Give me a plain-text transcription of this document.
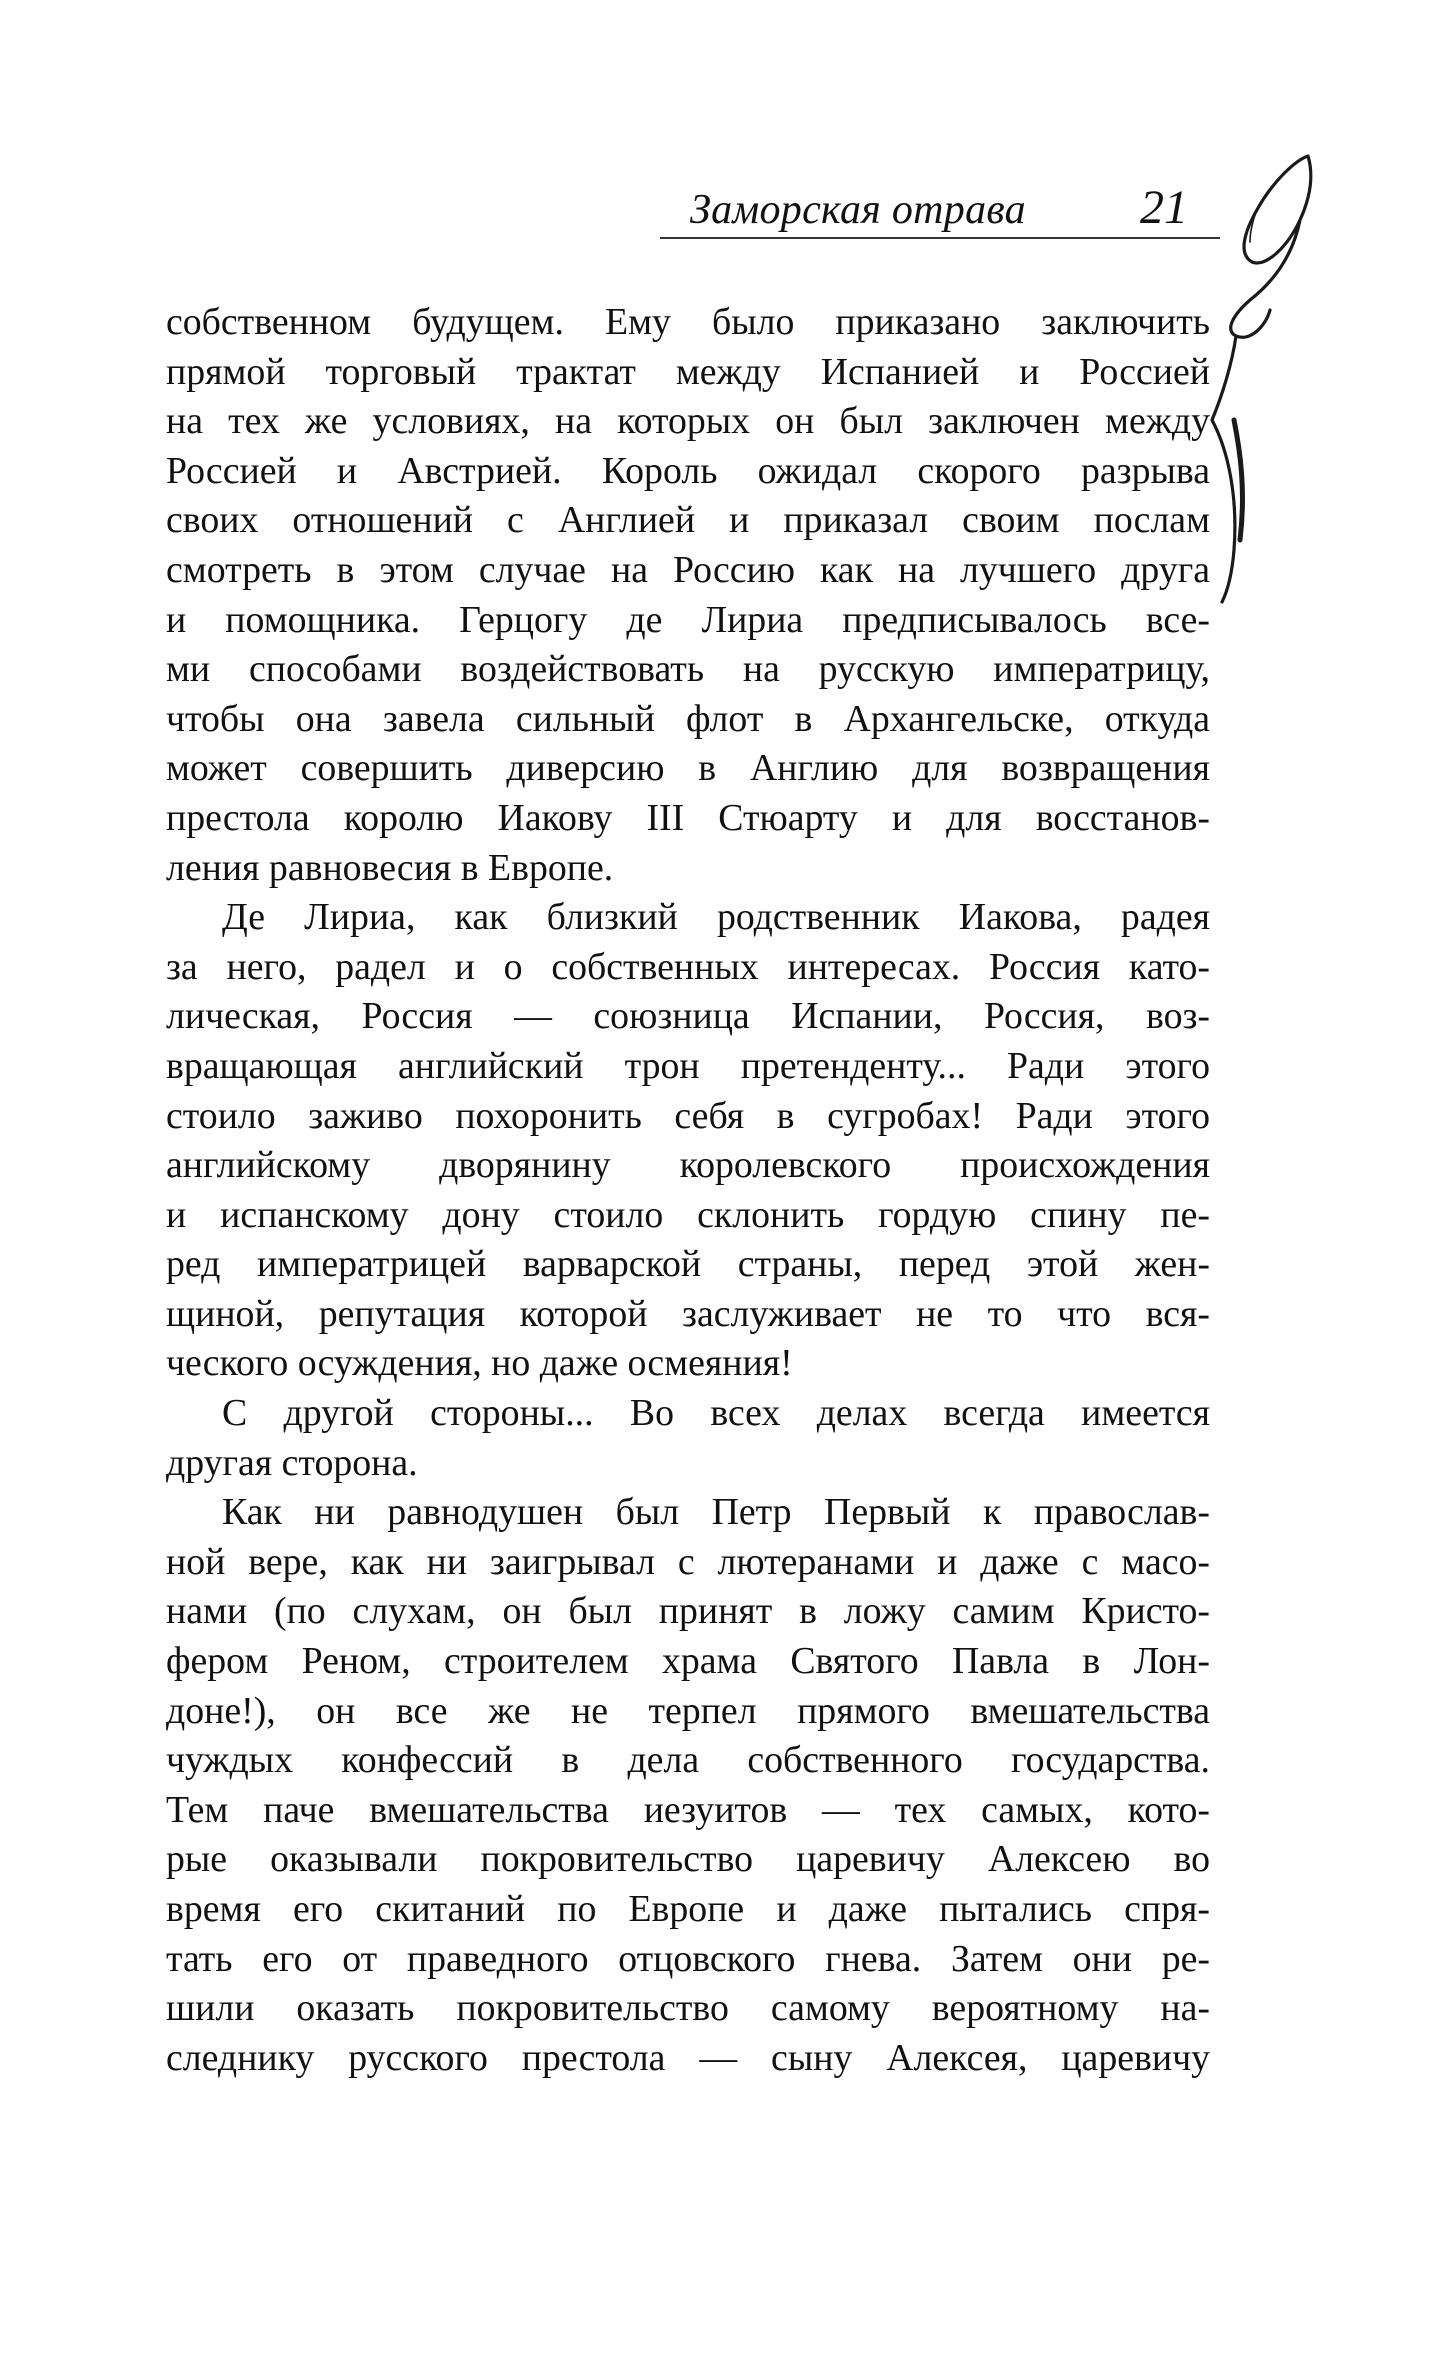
Заморская отрава 21
собственном будущем. Ему было приказано заключить
прямой торговый трактат между Испанией и Россией
на тех же условиях, на которых он был заключен между
Россией и Австрией. Король ожидал скорого разрыва
своих отношений с Англией и приказал своим послам
смотреть в этом случае на Россию как на лучшего друга
и помощника. Герцогу де Лириа предписывалось все-
ми способами воздействовать на русскую императрицу,
чтобы она завела сильный флот в Архангельске, откуда
может совершить диверсию в Англию для возвращения
престола королю Иакову III Стюарту и для восстанов-
ления равновесия в Европе.
Де Лириа, как близкий родственник Иакова, радея
за него, радел и о собственных интересах. Россия като-
лическая, Россия — союзница Испании, Россия, воз-
вращающая английский трон претенденту... Ради этого
стоило заживо похоронить себя в сугробах! Ради этого
английскому дворянину королевского происхождения
и испанскому дону стоило склонить гордую спину пе-
ред императрицей варварской страны, перед этой жен-
щиной, репутация которой заслуживает не то что вся-
ческого осуждения, но даже осмеяния!
С другой стороны... Во всех делах всегда имеется
другая сторона.
Как ни равнодушен был Петр Первый к православ-
ной вере, как ни заигрывал с лютеранами и даже с масо-
нами (по слухам, он был принят в ложу самим Кристо-
фером Реном, строителем храма Святого Павла в Лон-
доне!), он все же не терпел прямого вмешательства
чуждых конфессий в дела собственного государства.
Тем паче вмешательства иезуитов — тех самых, кото-
рые оказывали покровительство царевичу Алексею во
время его скитаний по Европе и даже пытались спря-
тать его от праведного отцовского гнева. Затем они ре-
шили оказать покровительство самому вероятному на-
следнику русского престола — сыну Алексея, царевичу
